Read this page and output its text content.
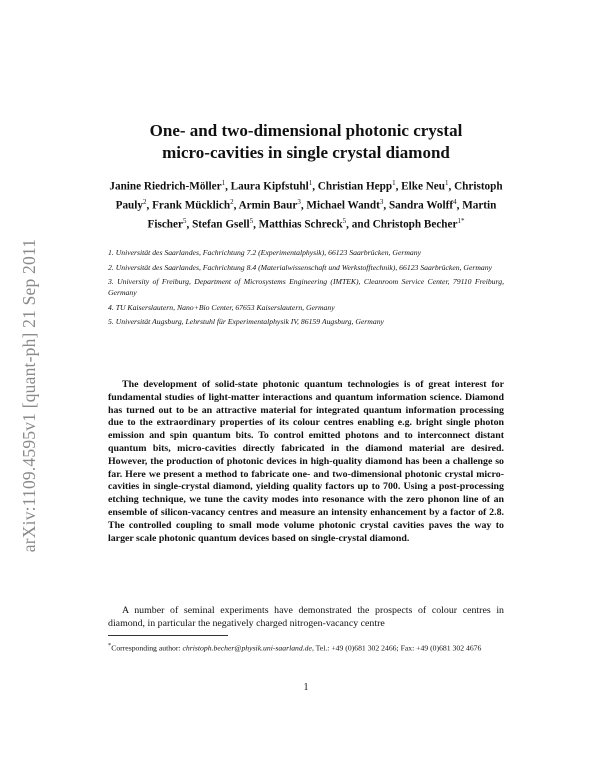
arXiv:1109.4595v1 [quant-ph] 21 Sep 2011
One- and two-dimensional photonic crystal
micro-cavities in single crystal diamond
Janine Riedrich-Möller$^1$, Laura Kipfstuhl$^1$, Christian Hepp$^1$, Elke Neu$^1$, Christoph Pauly$^2$, Frank Mücklich$^2$, Armin Baur$^3$, Michael Wandt$^3$, Sandra Wolff$^4$, Martin Fischer$^5$, Stefan Gsell$^5$, Matthias Schreck$^5$, and Christoph Becher$^{1*}$
1. Universität des Saarlandes, Fachrichtung 7.2 (Experimentalphysik), 66123 Saarbrücken, Germany
2. Universität des Saarlandes, Fachrichtung 8.4 (Materialwissenschaft und Werkstofftechnik), 66123 Saarbrücken, Germany
3. University of Freiburg, Department of Microsystems Engineering (IMTEK), Cleanroom Service Center, 79110 Freiburg, Germany
4. TU Kaiserslautern, Nano+Bio Center, 67653 Kaiserslautern, Germany
5. Universität Augsburg, Lehrstuhl für Experimentalphysik IV, 86159 Augsburg, Germany
The development of solid-state photonic quantum technologies is of great interest for fundamental studies of light-matter interactions and quantum information science. Diamond has turned out to be an attractive material for integrated quantum information processing due to the extraordinary properties of its colour centres enabling e.g. bright single photon emission and spin quantum bits. To control emitted photons and to interconnect distant quantum bits, micro-cavities directly fabricated in the diamond material are desired. However, the production of photonic devices in high-quality diamond has been a challenge so far. Here we present a method to fabricate one- and two-dimensional photonic crystal micro-cavities in single-crystal diamond, yielding quality factors up to 700. Using a post-processing etching technique, we tune the cavity modes into resonance with the zero phonon line of an ensemble of silicon-vacancy centres and measure an intensity enhancement by a factor of 2.8. The controlled coupling to small mode volume photonic crystal cavities paves the way to larger scale photonic quantum devices based on single-crystal diamond.
A number of seminal experiments have demonstrated the prospects of colour centres in diamond, in particular the negatively charged nitrogen-vacancy centre
*Corresponding author: christoph.becher@physik.uni-saarland.de, Tel.: +49 (0)681 302 2466; Fax: +49 (0)681 302 4676
1
